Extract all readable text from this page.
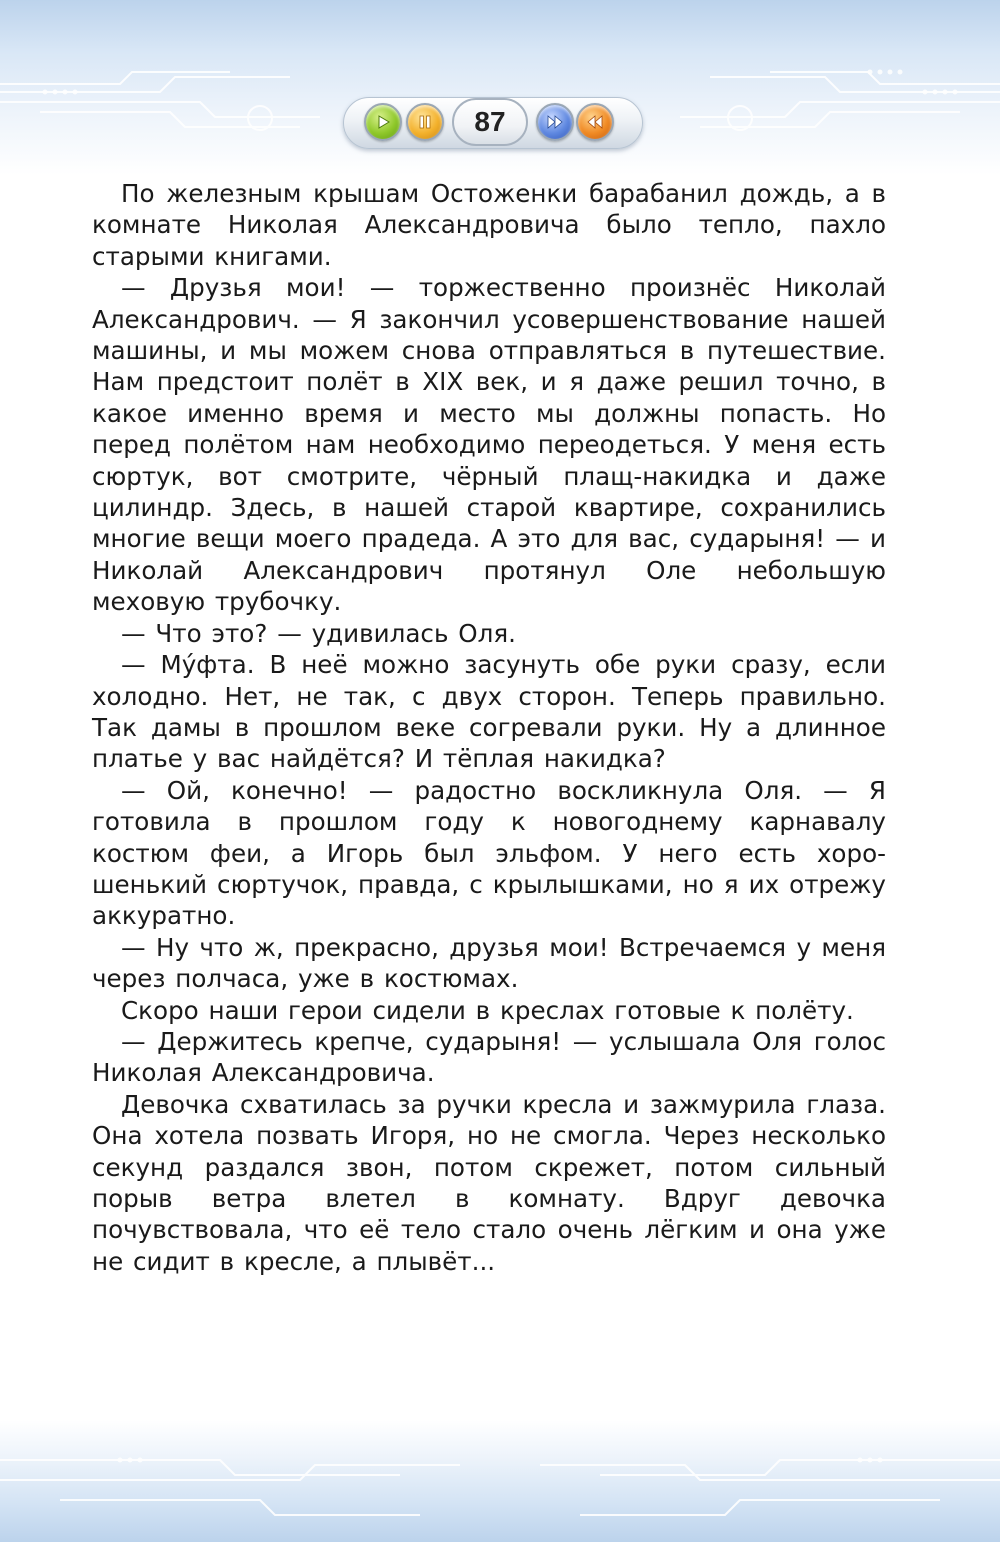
87

По железным крышам Остоженки барабанил дождь, а в комнате Николая Александровича было тепло, пахло старыми книгами.

— Друзья мои! — торжественно произнёс Николай Александрович. — Я закончил усовершенствование нашей машины, и мы можем снова отправляться в путешествие. Нам предстоит полёт в XIX век, и я даже решил точно, в какое именно время и место мы должны попасть. Но перед полётом нам необходимо переодеться. У меня есть сюртук, вот смотрите, чёрный плащ-накидка и даже цилиндр. Здесь, в нашей старой квартире, сохранились многие вещи моего прадеда. А это для вас, сударыня! — и Николай Александрович протянул Оле небольшую меховую трубочку.

— Что это? — удивилась Оля.

— Му́фта. В неё можно засунуть обе руки сразу, если холодно. Нет, не так, с двух сторон. Теперь правильно. Так дамы в прошлом веке согревали руки. Ну а длинное платье у вас найдётся? И тёплая накидка?

— Ой, конечно! — радостно воскликнула Оля. — Я готовила в прошлом году к новогоднему карнавалу костюм феи, а Игорь был эльфом. У него есть хорошенький сюртучок, правда, с крылышками, но я их отрежу аккуратно.

— Ну что ж, прекрасно, друзья мои! Встречаемся у меня через полчаса, уже в костюмах.

Скоро наши герои сидели в креслах готовые к полёту.

— Держитесь крепче, сударыня! — услышала Оля голос Николая Александровича.

Девочка схватилась за ручки кресла и зажмурила глаза. Она хотела позвать Игоря, но не смогла. Через несколько секунд раздался звон, потом скрежет, потом сильный порыв ветра влетел в комнату. Вдруг девочка почувствовала, что её тело стало очень лёгким и она уже не сидит в кресле, а плывёт...
